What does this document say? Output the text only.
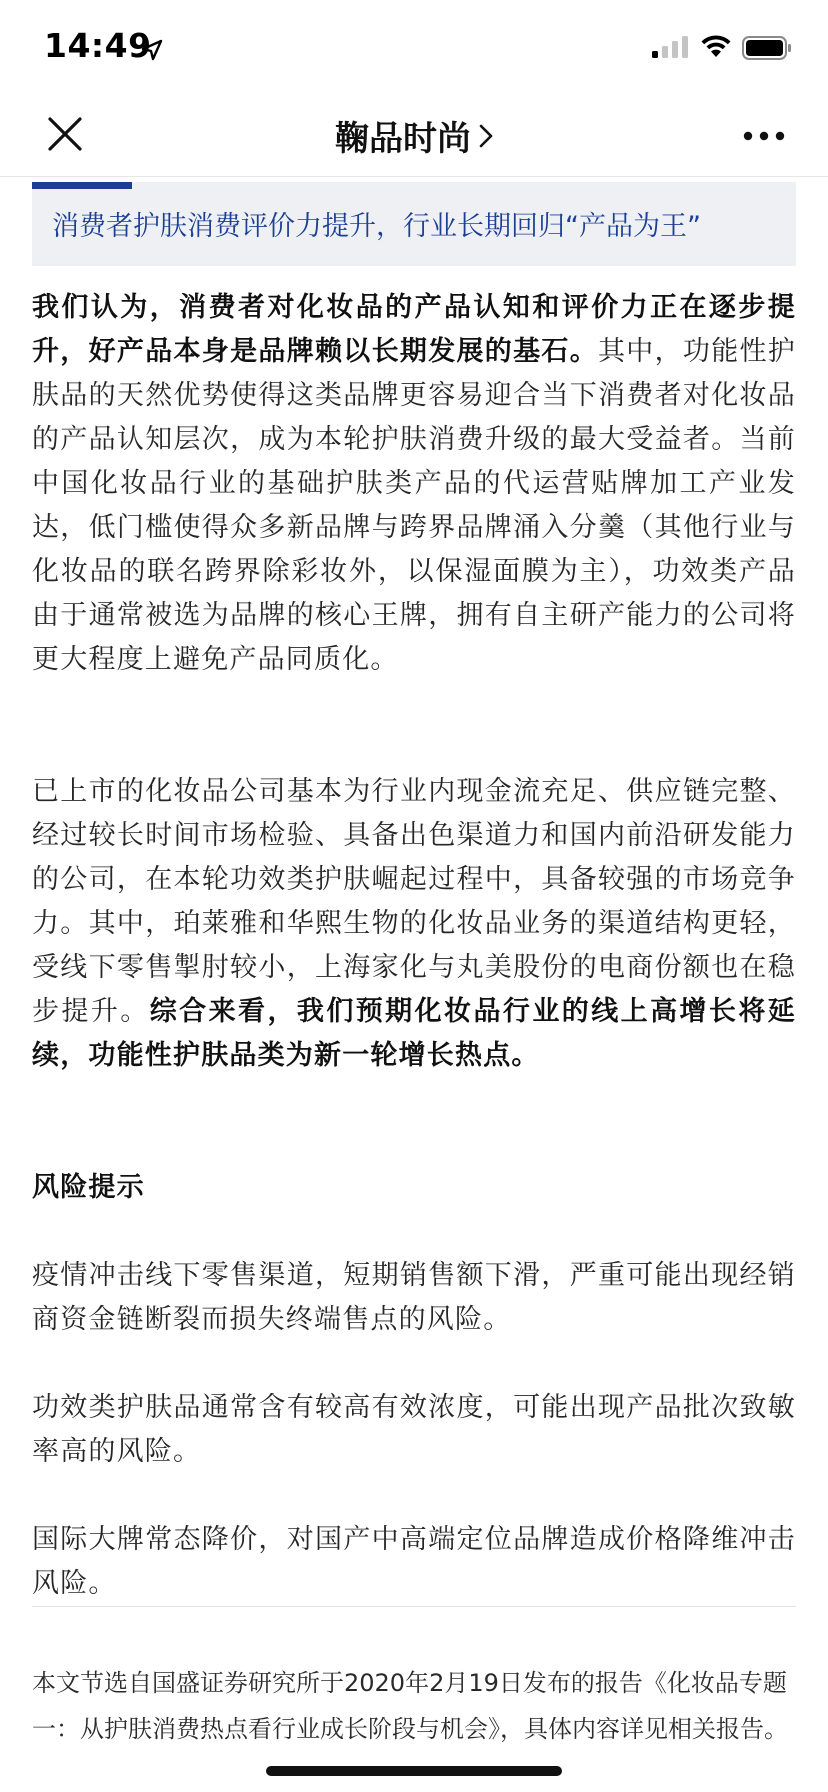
14:49
鞠品时尚
消费者护肤消费评价力提升，行业长期回归“产品为王”

我们认为，消费者对化妆品的产品认知和评价力正在逐步提升，好产品本身是品牌赖以长期发展的基石。其中，功能性护肤品的天然优势使得这类品牌更容易迎合当下消费者对化妆品的产品认知层次，成为本轮护肤消费升级的最大受益者。当前中国化妆品行业的基础护肤类产品的代运营贴牌加工产业发达，低门槛使得众多新品牌与跨界品牌涌入分羹（其他行业与化妆品的联名跨界除彩妆外，以保湿面膜为主），功效类产品由于通常被选为品牌的核心王牌，拥有自主研产能力的公司将更大程度上避免产品同质化。

已上市的化妆品公司基本为行业内现金流充足、供应链完整、经过较长时间市场检验、具备出色渠道力和国内前沿研发能力的公司，在本轮功效类护肤崛起过程中，具备较强的市场竞争力。其中，珀莱雅和华熙生物的化妆品业务的渠道结构更轻，受线下零售掣肘较小，上海家化与丸美股份的电商份额也在稳步提升。综合来看，我们预期化妆品行业的线上高增长将延续，功能性护肤品类为新一轮增长热点。

风险提示

疫情冲击线下零售渠道，短期销售额下滑，严重可能出现经销商资金链断裂而损失终端售点的风险。

功效类护肤品通常含有较高有效浓度，可能出现产品批次致敏率高的风险。

国际大牌常态降价，对国产中高端定位品牌造成价格降维冲击风险。

本文节选自国盛证券研究所于2020年2月19日发布的报告《化妆品专题一：从护肤消费热点看行业成长阶段与机会》，具体内容详见相关报告。
